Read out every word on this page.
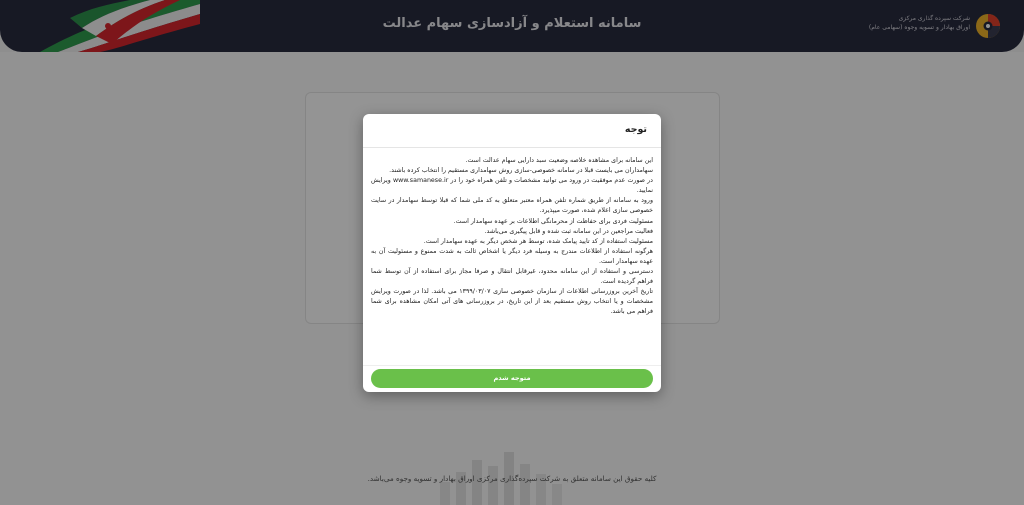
سامانه استعلام و آزادسازی سهام عدالت	شرکت سپرده گذاری مرکزی
اوراق بهادار و تسویه وجوه (سهامی عام)
کلیه حقوق این سامانه متعلق به شرکت سپرده‌گذاری مرکزی اوراق بهادار و تسویه وجوه می‌باشد.
توجه

این سامانه برای مشاهده خلاصه وضعیت سبد دارایی سهام عدالت است.

سهامداران می بایست قبلا در سامانه خصوصی-سازی روش سهامداری مستقیم را انتخاب کرده باشند.

در صورت عدم موفقیت در ورود می توانید مشخصات و تلفن همراه خود را در www.samanese.ir ویرایش نمایید.

ورود به سامانه از طریق شماره تلفن همراه معتبر متعلق به کد ملی شما که قبلا توسط سهامدار در سایت خصوصی سازی اعلام شده، صورت میپذیرد.

مسئولیت فردی برای حفاظت از محرمانگی اطلاعات بر عهده سهامدار است.

فعالیت مراجعین در این سامانه ثبت شده و قابل پیگیری می‌باشد.

مسئولیت استفاده از کد تایید پیامک شده، توسط هر شخص دیگر به عهده سهامدار است.

هرگونه استفاده از اطلاعات مندرج به وسیله فرد دیگر یا اشخاص ثالث به شدت ممنوع و مسئولیت آن به عهده سهامدار است.

دسترسی و استفاده از این سامانه محدود، غیرقابل انتقال و صرفا مجاز برای استفاده از آن توسط شما فراهم گردیده است.

تاریخ آخرین بروزرسانی اطلاعات از سازمان خصوصی سازی ۱۳۹۹/۰۳/۰۷ می باشد. لذا در صورت ویرایش مشخصات و یا انتخاب روش مستقیم بعد از این تاریخ، در بروزرسانی های آتی امکان مشاهده برای شما فراهم می باشد.

متوجه شدم
